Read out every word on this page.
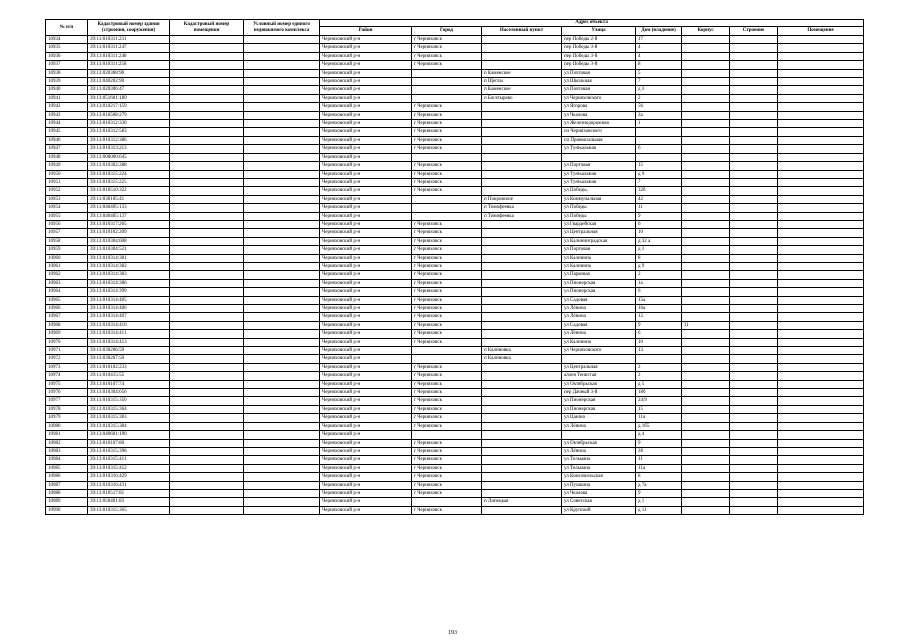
№ п/п	Кадастровый номер здания (строения, сооружения)	Кадастровый номер помещения	Условный номер единого недвижимого комплекса	Адрес объекта							
				Район	Город	Населенный пункт	Улица	Дом (владение)	Корпус	Строение	Помещение
10934	39:13:010311:231			Черняховский р-н	г Черняховск		пер Победы 2-й	17			
10935	39:13:010311:247			Черняховский р-н	г Черняховск		пер Победы 3-й	4			
10936	39:13:010311:248			Черняховский р-н	г Черняховск		пер Победы 3-й	4			
10937	39:13:010311:258			Черняховский р-н	г Черняховск		пер Победы 3-й	8			
10938	39:13:020308:90			Черняховский р-н		п Каменское	ул Почтовая	5			
10939	39:13:040202:90			Черняховский р-н		п Щеглы	ул Школьная	7			
10940	39:13:020306:47			Черняховский р-н		п Каменское	ул Почтовая	д 3			
10941	39:13:051601:189			Черняховский р-н		п Богатырево	ул Черняховского	2			
10942	39:13:010217:159			Черняховский р-н	г Черняховск		ул Ягорова	56			
10943	39:13:010508:279			Черняховский р-н	г Черняховск		ул Чкалова	2а			
10944	39:13:010312:330			Черняховский р-н	г Черняховск		ул Железнодорожная	1			
10945	39:13:010312:583			Черняховский р-н	г Черняховск		пл Черняховского				
10946	39:13:010312:386			Черняховский р-н	г Черняховск		пл Привокзальная				
10947	39:13:010313:213			Черняховский р-н	г Черняховск		ул Тунікальная	6			
10948	39:13:000000:645			Черняховский р-н							
10949	39:13:010302:288			Черняховский р-н	г Черняховск		ул Портовая	15			
10950	39:13:010315:224			Черняховский р-н	г Черняховск		ул Тунікальная	д 9			
10951	39:13:010315:225			Черняховский р-н	г Черняховск		ул Тунікальная	7			
10952	39:13:010510:322			Черняховский р-н	г Черняховск		ул Победы,	32б			
10953	39:13:030105:41			Черняховский р-н		п Покровское	ул Коммунальная	42			
10954	39:13:040405:133			Черняховский р-н		п Тимофеевка	ул Победы	11			
10955	39:13:040405:137			Черняховский р-н		п Тимофеевка	ул Победы	9			
10956	39:13:010317:265			Черняховский р-н	г Черняховск		ул Гвардейская	6			
10957	39:13:010102:209			Черняховский р-н	г Черняховск		ул Центральная	10			
10958	39:13:010304:608			Черняховский р-н	г Черняховск		ул Калининградская	д 32 а			
10959	39:13:010304:521			Черняховский р-н	г Черняховск		ул Портовая	д 1			
10960	39:13:010314:381			Черняховский р-н	г Черняховск		ул Калинина	8			
10961	39:13:010314:382			Черняховский р-н	г Черняховск		ул Калинина	д 9			
10962	39:13:010314:383			Черняховский р-н	г Черняховск		ул Парковая	2			
10963	39:13:010314:386			Черняховский р-н	г Черняховск		ул Пионерская	1а			
10964	39:13:010314:399			Черняховский р-н	г Черняховск		ул Пионерская	6			
10965	39:13:010314:405			Черняховский р-н	г Черняховск		ул Садовая	15а			
10966	39:13:010314:406			Черняховский р-н	г Черняховск		ул Лёнина	16а			
10967	39:13:010314:407			Черняховский р-н	г Черняховск		ул Лёнина	12			
10968	39:13:010314:410			Черняховский р-н	г Черняховск		ул Садовая	9	11		
10969	39:13:010314:411			Черняховский р-н	г Черняховск		ул Лёнина	6			
10970	39:13:010314:413			Черняховский р-н	г Черняховск		ул Калинина	10			
10971	39:13:030206:59			Черняховский р-н		п Калиновка	ул Черняховского	13			
10972	39:13:030207:50			Черняховский р-н		п Калиновка					
10973	39:13:010102:233			Черняховский р-н	г Черняховск		ул Центральная	2			
10974	39:13:010415:55			Черняховский р-н	г Черняховск		аллея Тенистая	2			
10975	39:13:010107:74			Черняховский р-н	г Черняховск		ул Октябрьская	д 5			
10976	39:13:010304:656			Черняховский р-н	г Черняховск		пер Дачный 3-й	18б			
10977	39:13:010315:350			Черняховский р-н	г Черняховск		ул Пионерская	24/9			
10978	39:13:010315:364			Черняховский р-н	г Черняховск		ул Пионерская	15			
10979	39:13:010315:383			Черняховский р-н	г Черняховск		ул Цаніна	11а			
10980	39:13:010315:384			Черняховский р-н	г Черняховск		ул Лёнина	д 1б5			
10981	39:13:040601:190			Черняховский р-н				д 4			
10982	39:13:010107:80			Черняховский р-н	г Черняховск		ул Октябрьская	9			
10983	39:13:010315:398			Черняховский р-н	г Черняховск		ул Лёнина	28			
10984	39:13:010315:411			Черняховский р-н	г Черняховск		ул Тельмана	11			
10985	39:13:010315:412			Черняховский р-н	г Черняховск		ул Тельмана	11а			
10986	39:13:010316:429			Черняховский р-н	г Черняховск		ул Комсомольская	8			
10987	39:13:010316:431			Черняховский р-н	г Черняховск		ул Пушкина	д 7а			
10988	39:13:010517:81			Черняховский р-н	г Черняховск		ул Чкалова	9			
10989	39:13:050401:83			Черняховский р-н		п Липецкая	ул Советская	д 1			
10990	39:13:010315:365			Черняховский р-н	г Черняховск		ул Крупской	д 11			
193
